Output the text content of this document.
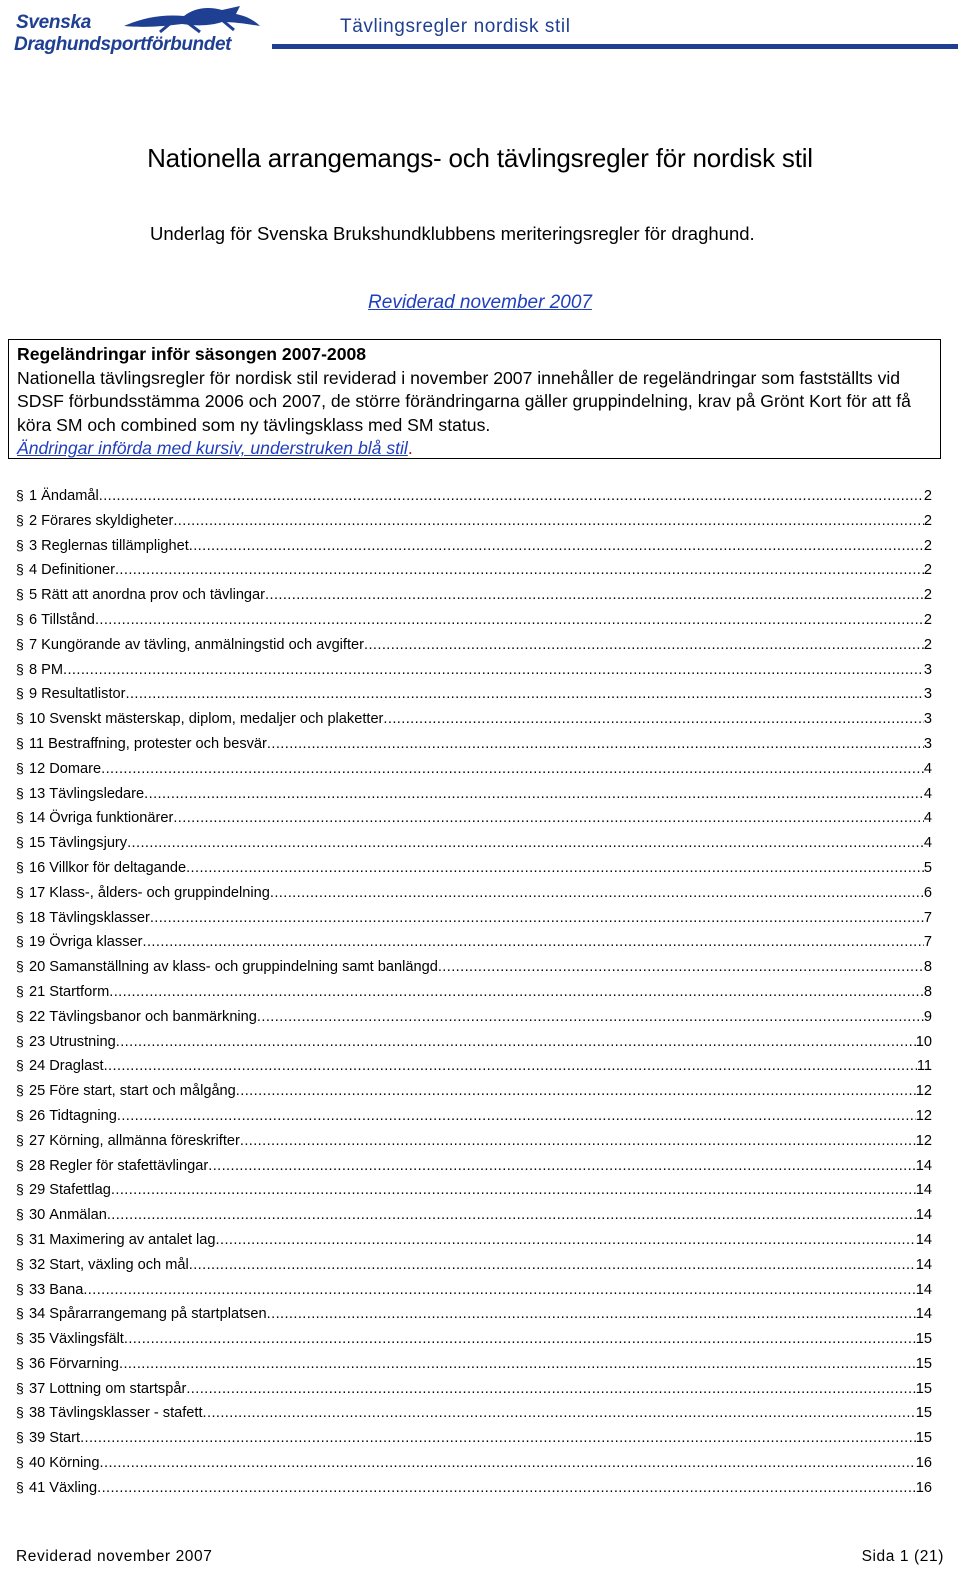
Svenska
Draghundsportförbundet
Tävlingsregler nordisk stil
Nationella arrangemangs- och tävlingsregler för nordisk stil
Underlag för Svenska Brukshundklubbens meriteringsregler för draghund.
Reviderad november 2007
Regeländringar inför säsongen 2007-2008
Nationella tävlingsregler för nordisk stil reviderad i november 2007 innehåller de regeländringar som fastställts vid SDSF förbundsstämma 2006 och 2007, de större förändringarna gäller gruppindelning, krav på Grönt Kort för att få köra SM och combined som ny tävlingsklass med SM status.
Ändringar införda med kursiv, understruken blå stil.
§ 1 Ändamål .....	2
§ 2 Förares skyldigheter .....	2
§ 3 Reglernas tillämplighet .....	2
§ 4 Definitioner .....	2
§ 5 Rätt att anordna prov och tävlingar .....	2
§ 6 Tillstånd .....	2
§ 7 Kungörande av tävling, anmälningstid och avgifter .....	2
§ 8 PM .....	3
§ 9 Resultatlistor .....	3
§ 10 Svenskt mästerskap, diplom, medaljer och plaketter .....	3
§ 11 Bestraffning, protester och besvär .....	3
§ 12 Domare .....	4
§ 13 Tävlingsledare .....	4
§ 14 Övriga funktionärer .....	4
§ 15 Tävlingsjury .....	4
§ 16 Villkor för deltagande .....	5
§ 17 Klass-, ålders- och gruppindelning .....	6
§ 18 Tävlingsklasser .....	7
§ 19 Övriga klasser .....	7
§ 20 Samanställning av klass- och gruppindelning samt banlängd .....	8
§ 21 Startform .....	8
§ 22 Tävlingsbanor och banmärkning .....	9
§ 23 Utrustning .....	10
§ 24 Draglast .....	11
§ 25 Före start, start och målgång .....	12
§ 26 Tidtagning .....	12
§ 27 Körning, allmänna föreskrifter .....	12
§ 28 Regler för stafettävlingar .....	14
§ 29 Stafettlag .....	14
§ 30 Anmälan .....	14
§ 31 Maximering av antalet lag .....	14
§ 32 Start, växling och mål .....	14
§ 33 Bana .....	14
§ 34 Spårarrangemang på startplatsen .....	14
§ 35 Växlingsfält .....	15
§ 36 Förvarning .....	15
§ 37 Lottning om startspår .....	15
§ 38 Tävlingsklasser - stafett .....	15
§ 39 Start .....	15
§ 40 Körning .....	16
§ 41 Växling .....	16
Reviderad november 2007	Sida 1 (21)
